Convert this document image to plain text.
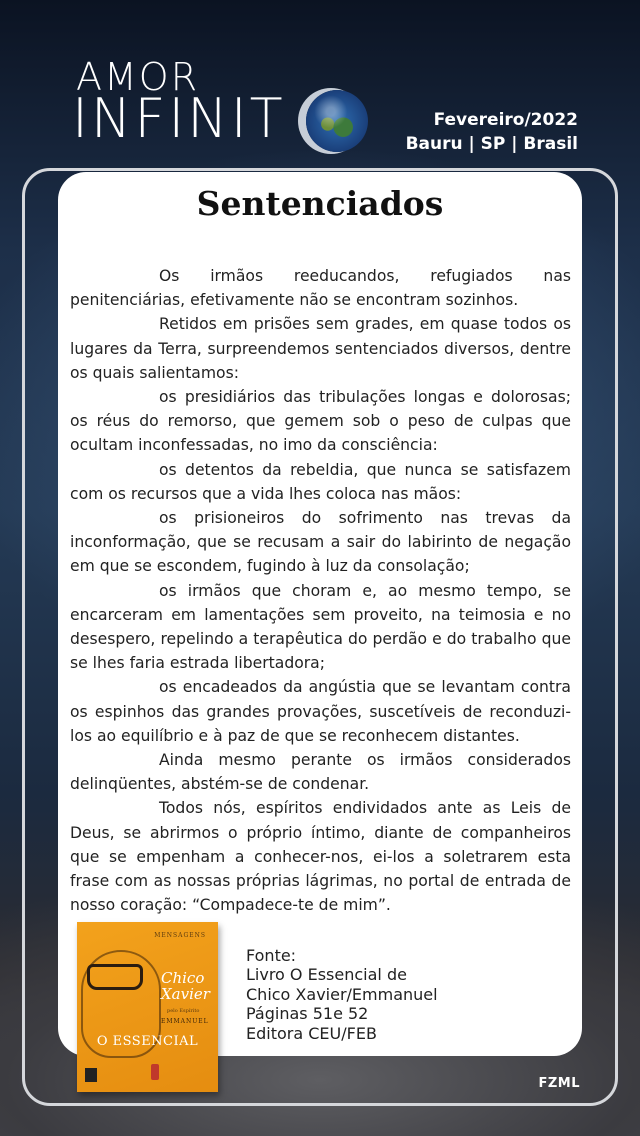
AMOR
INFINIT	Fevereiro/2022
Bauru | SP | Brasil
Sentenciados

Os irmãos reeducandos, refugiados nas penitenciárias, efetivamente não se encontram sozinhos.

Retidos em prisões sem grades, em quase todos os lugares da Terra, surpreendemos sentenciados diversos, dentre os quais salientamos:

os presidiários das tribulações longas e dolorosas; os réus do remorso, que gemem sob o peso de culpas que ocultam inconfessadas, no imo da consciência:

os detentos da rebeldia, que nunca se satisfazem com os recursos que a vida lhes coloca nas mãos:

os prisioneiros do sofrimento nas trevas da inconformação, que se recusam a sair do labirinto de negação em que se escondem, fugindo à luz da consolação;

os irmãos que choram e, ao mesmo tempo, se encarceram em lamentações sem proveito, na teimosia e no desespero, repelindo a terapêutica do perdão e do trabalho que se lhes faria estrada libertadora;

os encadeados da angústia que se levantam contra os espinhos das grandes provações, suscetíveis de reconduzi-los ao equilíbrio e à paz de que se reconhecem distantes.

Ainda mesmo perante os irmãos considerados delinqüentes, abstém-se de condenar.

Todos nós, espíritos endividados ante as Leis de Deus, se abrirmos o próprio íntimo, diante de companheiros que se empenham a conhecer-nos, ei-los a soletrarem esta frase com as nossas próprias lágrimas, no portal de entrada de nosso coração: “Compadece-te de mim”.

MENSAGENS
Chico
Xavier
pelo Espírito
EMMANUEL
O ESSENCIAL
Fonte:
Livro O Essencial de
Chico Xavier/Emmanuel
Páginas 51e 52
Editora CEU/FEB
FZML
